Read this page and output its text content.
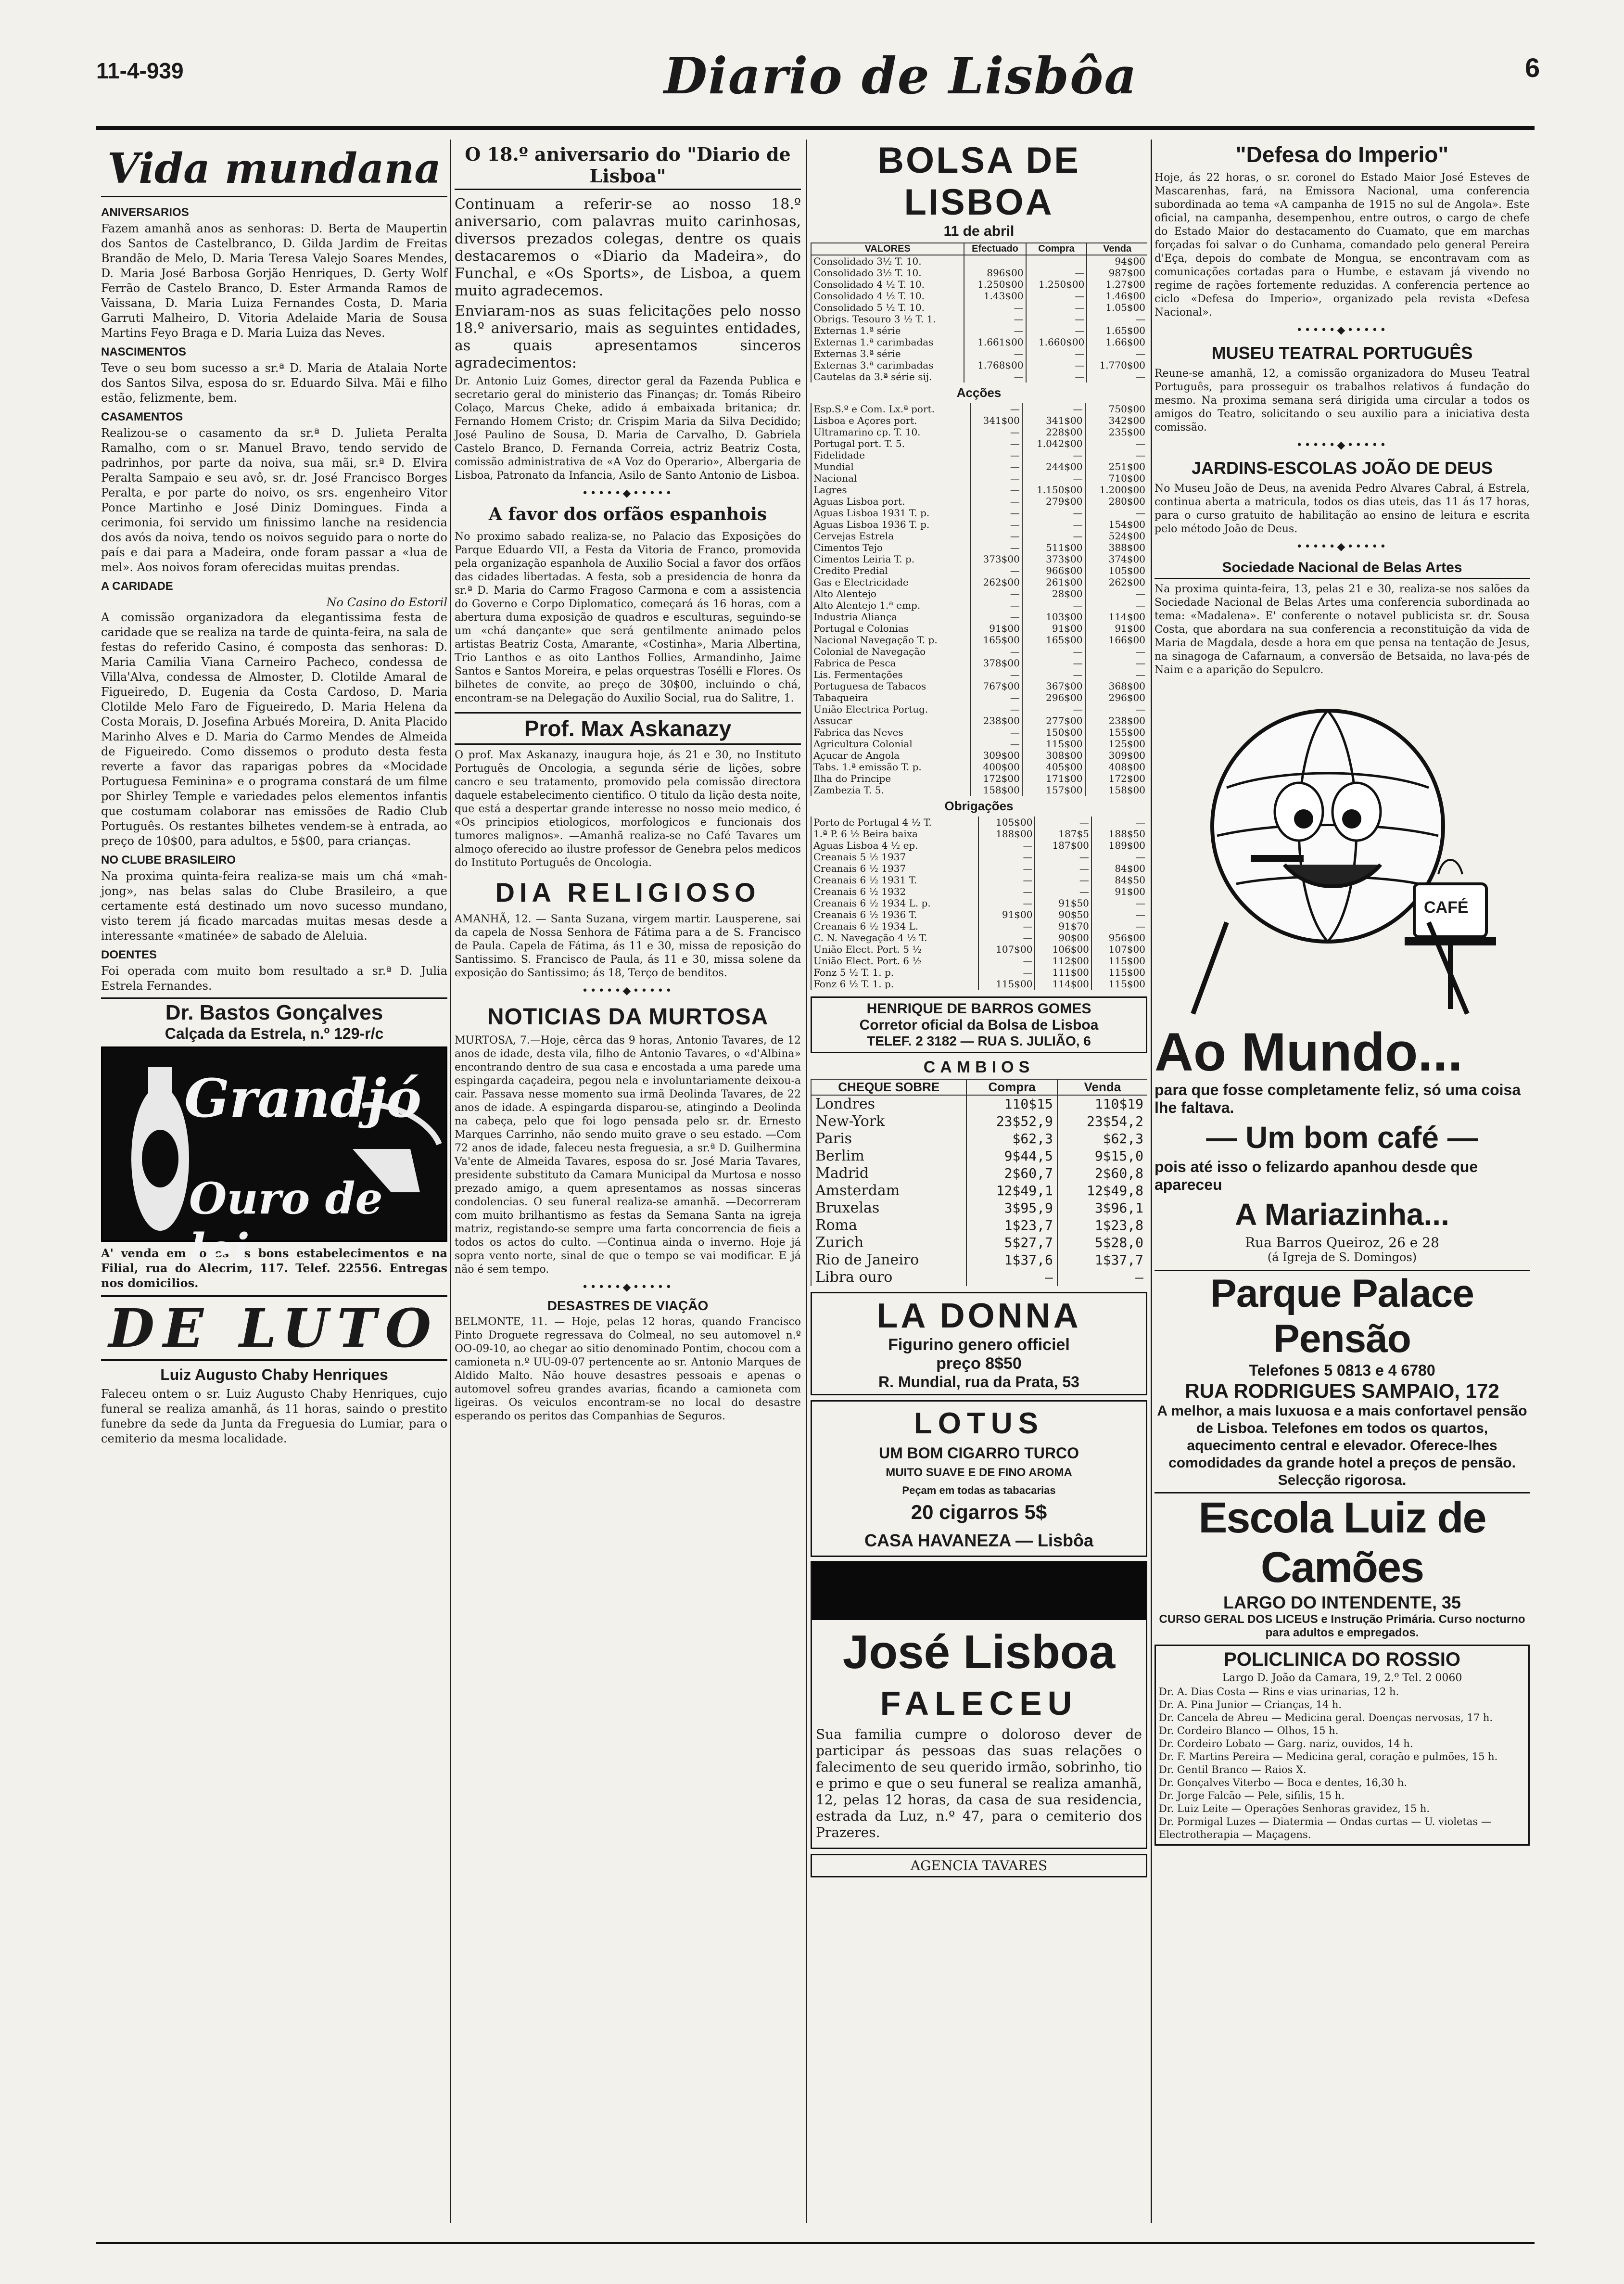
11-4-939	Diario de Lisbôa	6
Vida mundana
ANIVERSARIOS

Fazem amanhã anos as senhoras: D. Berta de Maupertin dos Santos de Castelbranco, D. Gilda Jardim de Freitas Brandão de Melo, D. Maria Teresa Valejo Soares Mendes, D. Maria José Barbosa Gorjão Henriques, D. Gerty Wolf Ferrão de Castelo Branco, D. Ester Armanda Ramos de Vaissana, D. Maria Luiza Fernandes Costa, D. Maria Garruti Malheiro, D. Vitoria Adelaide Maria de Sousa Martins Feyo Braga e D. Maria Luiza das Neves.

NASCIMENTOS

Teve o seu bom sucesso a sr.ª D. Maria de Atalaia Norte dos Santos Silva, esposa do sr. Eduardo Silva. Mãi e filho estão, felizmente, bem.

CASAMENTOS

Realizou-se o casamento da sr.ª D. Julieta Peralta Ramalho, com o sr. Manuel Bravo, tendo servido de padrinhos, por parte da noiva, sua mãi, sr.ª D. Elvira Peralta Sampaio e seu avô, sr. dr. José Francisco Borges Peralta, e por parte do noivo, os srs. engenheiro Vitor Ponce Martinho e José Diniz Domingues. Finda a cerimonia, foi servido um finissimo lanche na residencia dos avós da noiva, tendo os noivos seguido para o norte do país e dai para a Madeira, onde foram passar a «lua de mel». Aos noivos foram oferecidas muitas prendas.

A CARIDADE
No Casino do Estoril

A comissão organizadora da elegantissima festa de caridade que se realiza na tarde de quinta-feira, na sala de festas do referido Casino, é composta das senhoras: D. Maria Camilia Viana Carneiro Pacheco, condessa de Villa'Alva, condessa de Almoster, D. Clotilde Amaral de Figueiredo, D. Eugenia da Costa Cardoso, D. Maria Clotilde Melo Faro de Figueiredo, D. Maria Helena da Costa Morais, D. Josefina Arbués Moreira, D. Anita Placido Marinho Alves e D. Maria do Carmo Mendes de Almeida de Figueiredo. Como dissemos o produto desta festa reverte a favor das raparigas pobres da «Mocidade Portuguesa Feminina» e o programa constará de um filme por Shirley Temple e variedades pelos elementos infantis que costumam colaborar nas emissões de Radio Club Português. Os restantes bilhetes vendem-se à entrada, ao preço de 10$00, para adultos, e 5$00, para crianças.

NO CLUBE BRASILEIRO

Na proxima quinta-feira realiza-se mais um chá «mah-jong», nas belas salas do Clube Brasileiro, a que certamente está destinado um novo sucesso mundano, visto terem já ficado marcadas muitas mesas desde a interessante «matinée» de sabado de Aleluia.

DOENTES

Foi operada com muito bom resultado a sr.ª D. Julia Estrela Fernandes.

Dr. Bastos Gonçalves
Calçada da Estrela, n.º 129-r/c
Grandjó
Ouro de lei

A' venda em todos os bons estabelecimentos e na Filial, rua do Alecrim, 117. Telef. 22556. Entregas nos domicilios.

DE LUTO
Luiz Augusto Chaby Henriques

Faleceu ontem o sr. Luiz Augusto Chaby Henriques, cujo funeral se realiza amanhã, ás 11 horas, saindo o prestito funebre da sede da Junta da Freguesia do Lumiar, para o cemiterio da mesma localidade.

O 18.º aniversario do "Diario de Lisboa"

Continuam a referir-se ao nosso 18.º aniversario, com palavras muito carinhosas, diversos prezados colegas, dentre os quais destacaremos o «Diario da Madeira», do Funchal, e «Os Sports», de Lisboa, a quem muito agradecemos.

Enviaram-nos as suas felicitações pelo nosso 18.º aniversario, mais as seguintes entidades, as quais apresentamos sinceros agradecimentos:

Dr. Antonio Luiz Gomes, director geral da Fazenda Publica e secretario geral do ministerio das Finanças; dr. Tomás Ribeiro Colaço, Marcus Cheke, adido á embaixada britanica; dr. Fernando Homem Cristo; dr. Crispim Maria da Silva Decidido; José Paulino de Sousa, D. Maria de Carvalho, D. Gabriela Castelo Branco, D. Fernanda Correia, actriz Beatriz Costa, comissão administrativa de «A Voz do Operario», Albergaria de Lisboa, Patronato da Infancia, Asilo de Santo Antonio de Lisboa.

•••••◆•••••
A favor dos orfãos espanhois

No proximo sabado realiza-se, no Palacio das Exposições do Parque Eduardo VII, a Festa da Vitoria de Franco, promovida pela organização espanhola de Auxilio Social a favor dos orfãos das cidades libertadas. A festa, sob a presidencia de honra da sr.ª D. Maria do Carmo Fragoso Carmona e com a assistencia do Governo e Corpo Diplomatico, começará ás 16 horas, com a abertura duma exposição de quadros e esculturas, seguindo-se um «chá dançante» que será gentilmente animado pelos artistas Beatriz Costa, Amarante, «Costinha», Maria Albertina, Trio Lanthos e as oito Lanthos Follies, Armandinho, Jaime Santos e Santos Moreira, e pelas orquestras Tosélli e Flores. Os bilhetes de convite, ao preço de 30$00, incluindo o chá, encontram-se na Delegação do Auxilio Social, rua do Salitre, 1.

Prof. Max Askanazy

O prof. Max Askanazy, inaugura hoje, ás 21 e 30, no Instituto Português de Oncologia, a segunda série de lições, sobre cancro e seu tratamento, promovido pela comissão directora daquele estabelecimento cientifico. O titulo da lição desta noite, que está a despertar grande interesse no nosso meio medico, é «Os principios etiologicos, morfologicos e funcionais dos tumores malignos». —Amanhã realiza-se no Café Tavares um almoço oferecido ao ilustre professor de Genebra pelos medicos do Instituto Português de Oncologia.

DIA RELIGIOSO

AMANHÃ, 12. — Santa Suzana, virgem martir. Lausperene, sai da capela de Nossa Senhora de Fátima para a de S. Francisco de Paula. Capela de Fátima, ás 11 e 30, missa de reposição do Santissimo. S. Francisco de Paula, ás 11 e 30, missa solene da exposição do Santissimo; ás 18, Terço de benditos.

•••••◆•••••
NOTICIAS DA MURTOSA

MURTOSA, 7.—Hoje, cêrca das 9 horas, Antonio Tavares, de 12 anos de idade, desta vila, filho de Antonio Tavares, o «d'Albina» encontrando dentro de sua casa e encostada a uma parede uma espingarda caçadeira, pegou nela e involuntariamente deixou-a cair. Passava nesse momento sua irmã Deolinda Tavares, de 22 anos de idade. A espingarda disparou-se, atingindo a Deolinda na cabeça, pelo que foi logo pensada pelo sr. dr. Ernesto Marques Carrinho, não sendo muito grave o seu estado. —Com 72 anos de idade, faleceu nesta freguesia, a sr.ª D. Guilhermina Va'ente de Almeida Tavares, esposa do sr. José Maria Tavares, presidente substituto da Camara Municipal da Murtosa e nosso prezado amigo, a quem apresentamos as nossas sinceras condolencias. O seu funeral realiza-se amanhã. —Decorreram com muito brilhantismo as festas da Semana Santa na igreja matriz, registando-se sempre uma farta concorrencia de fieis a todos os actos do culto. —Continua ainda o inverno. Hoje já sopra vento norte, sinal de que o tempo se vai modificar. E já não é sem tempo.

•••••◆•••••
DESASTRES DE VIAÇÃO

BELMONTE, 11. — Hoje, pelas 12 horas, quando Francisco Pinto Droguete regressava do Colmeal, no seu automovel n.º OO-09-10, ao chegar ao sitio denominado Pontim, chocou com a camioneta n.º UU-09-07 pertencente ao sr. Antonio Marques de Aldido Malto. Não houve desastres pessoais e apenas o automovel sofreu grandes avarias, ficando a camioneta com ligeiras. Os veiculos encontram-se no local do desastre esperando os peritos das Companhias de Seguros.

BOLSA DE LISBOA
11 de abril
VALORES	Efectuado	Compra	Venda
Consolidado 3½ T. 10.			94$00
Consolidado 3½ T. 10.	896$00	—	987$00
Consolidado 4 ½ T. 10.	1.250$00	1.250$00	1.27$00
Consolidado 4 ½ T. 10.	1.43$00	—	1.46$00
Consolidado 5 ½ T. 10.	—	—	1.05$00
Obrigs. Tesouro 3 ½ T. 1.	—	—	—
Externas 1.ª série	—	—	1.65$00
Externas 1.ª carimbadas	1.661$00	1.660$00	1.66$00
Externas 3.ª série	—	—	—
Externas 3.ª carimbadas	1.768$00	—	1.770$00
Cautelas da 3.ª série sij.	—	—	—
Acções
Esp.S.º e Com. Lx.ª port.	—	—	750$00
Lisboa e Açores port.	341$00	341$00	342$00
Ultramarino cp. T. 10.	—	228$00	235$00
Portugal port. T. 5.	—	1.042$00	—
Fidelidade	—	—	—
Mundial	—	244$00	251$00
Nacional	—	—	710$00
Lagres	—	1.150$00	1.200$00
Aguas Lisboa port.	—	279$00	280$00
Aguas Lisboa 1931 T. p.	—	—	—
Aguas Lisboa 1936 T. p.	—	—	154$00
Cervejas Estrela	—	—	524$00
Cimentos Tejo	—	511$00	388$00
Cimentos Leiria T. p.	373$00	373$00	374$00
Credito Predial	—	966$00	105$00
Gas e Electricidade	262$00	261$00	262$00
Alto Alentejo	—	28$00	—
Alto Alentejo 1.ª emp.	—	—	—
Industria Aliança	—	103$00	114$00
Portugal e Colonias	91$00	91$00	91$00
Nacional Navegação T. p.	165$00	165$00	166$00
Colonial de Navegação	—	—	—
Fabrica de Pesca	378$00	—	—
Lis. Fermentações	—	—	—
Portuguesa de Tabacos	767$00	367$00	368$00
Tabaqueira	—	296$00	296$00
União Electrica Portug.	—	—	—
Assucar	238$00	277$00	238$00
Fabrica das Neves	—	150$00	155$00
Agricultura Colonial	—	115$00	125$00
Açucar de Angola	309$00	308$00	309$00
Tabs. 1.ª emissão T. p.	400$00	405$00	408$00
Ilha do Principe	172$00	171$00	172$00
Zambezia T. 5.	158$00	157$00	158$00
Obrigações
Porto de Portugal 4 ½ T.	105$00	—	—
1.ª P. 6 ½ Beira baixa	188$00	187$5	188$50
Aguas Lisboa 4 ½ ep.	—	187$00	189$00
Creanais 5 ½ 1937	—	—	—
Creanais 6 ½ 1937	—	—	84$00
Creanais 6 ½ 1931 T.	—	—	84$50
Creanais 6 ½ 1932	—	—	91$00
Creanais 6 ½ 1934 L. p.	—	91$50	—
Creanais 6 ½ 1936 T.	91$00	90$50	—
Creanais 6 ½ 1934 L.	—	91$70	—
C. N. Navegação 4 ½ T.	—	90$00	956$00
União Elect. Port. 5 ½	107$00	106$00	107$00
União Elect. Port. 6 ½	—	112$00	115$00
Fonz 5 ½ T. 1. p.	—	111$00	115$00
Fonz 6 ½ T. 1. p.	115$00	114$00	115$00
HENRIQUE DE BARROS GOMES
Corretor oficial da Bolsa de Lisboa
TELEF. 2 3182 — RUA S. JULIÃO, 6
CAMBIOS
CHEQUE SOBRE	Compra	Venda
Londres	110$15	110$19
New-York	23$52,9	23$54,2
Paris	$62,3	$62,3
Berlim	9$44,5	9$15,0
Madrid	2$60,7	2$60,8
Amsterdam	12$49,1	12$49,8
Bruxelas	3$95,9	3$96,1
Roma	1$23,7	1$23,8
Zurich	5$27,7	5$28,0
Rio de Janeiro	1$37,6	1$37,7
Libra ouro	—	—
LA DONNA
Figurino genero officiel
preço 8$50
R. Mundial, rua da Prata, 53
LOTUS
UM BOM CIGARRO TURCO
MUITO SUAVE E DE FINO AROMA
Peçam em todas as tabacarias
20 cigarros 5$
CASA HAVANEZA — Lisbôa
José Lisboa
FALECEU

Sua familia cumpre o doloroso dever de participar ás pessoas das suas relações o falecimento de seu querido irmão, sobrinho, tio e primo e que o seu funeral se realiza amanhã, 12, pelas 12 horas, da casa de sua residencia, estrada da Luz, n.º 47, para o cemiterio dos Prazeres.

AGENCIA TAVARES
"Defesa do Imperio"

Hoje, ás 22 horas, o sr. coronel do Estado Maior José Esteves de Mascarenhas, fará, na Emissora Nacional, uma conferencia subordinada ao tema «A campanha de 1915 no sul de Angola». Este oficial, na campanha, desempenhou, entre outros, o cargo de chefe do Estado Maior do destacamento do Cuamato, que em marchas forçadas foi salvar o do Cunhama, comandado pelo general Pereira d'Eça, depois do combate de Mongua, se encontravam com as comunicações cortadas para o Humbe, e estavam já vivendo no regime de rações fortemente reduzidas. A conferencia pertence ao ciclo «Defesa do Imperio», organizado pela revista «Defesa Nacional».

•••••◆•••••
MUSEU TEATRAL PORTUGUÊS

Reune-se amanhã, 12, a comissão organizadora do Museu Teatral Português, para prosseguir os trabalhos relativos á fundação do mesmo. Na proxima semana será dirigida uma circular a todos os amigos do Teatro, solicitando o seu auxilio para a iniciativa desta comissão.

•••••◆•••••
JARDINS-ESCOLAS JOÃO DE DEUS

No Museu João de Deus, na avenida Pedro Alvares Cabral, á Estrela, continua aberta a matricula, todos os dias uteis, das 11 ás 17 horas, para o curso gratuito de habilitação ao ensino de leitura e escrita pelo método João de Deus.

•••••◆•••••
Sociedade Nacional de Belas Artes

Na proxima quinta-feira, 13, pelas 21 e 30, realiza-se nos salões da Sociedade Nacional de Belas Artes uma conferencia subordinada ao tema: «Madalena». E' conferente o notavel publicista sr. dr. Sousa Costa, que abordara na sua conferencia a reconstituição da vida de Maria de Magdala, desde a hora em que pensa na tentação de Jesus, na sinagoga de Cafarnaum, a conversão de Betsaida, no lava-pés de Naim e a aparição do Sepulcro.

CAFÉ
Ao Mundo...
para que fosse completamente feliz, só uma coisa lhe faltava.
— Um bom café —
pois até isso o felizardo apanhou desde que apareceu
A Mariazinha...
Rua Barros Queiroz, 26 e 28
(á Igreja de S. Domingos)
Parque Palace Pensão
Telefones 5 0813 e 4 6780
RUA RODRIGUES SAMPAIO, 172

A melhor, a mais luxuosa e a mais confortavel pensão de Lisboa. Telefones em todos os quartos, aquecimento central e elevador. Oferece-lhes comodidades da grande hotel a preços de pensão. Selecção rigorosa.

Escola Luiz de Camões
LARGO DO INTENDENTE, 35

CURSO GERAL DOS LICEUS e Instrução Primária. Curso nocturno para adultos e empregados.

POLICLINICA DO ROSSIO
Largo D. João da Camara, 19, 2.º Tel. 2 0060
Dr. A. Dias Costa — Rins e vias urinarias, 12 h.
Dr. A. Pina Junior — Crianças, 14 h.
Dr. Cancela de Abreu — Medicina geral. Doenças nervosas, 17 h.
Dr. Cordeiro Blanco — Olhos, 15 h.
Dr. Cordeiro Lobato — Garg. nariz, ouvidos, 14 h.
Dr. F. Martins Pereira — Medicina geral, coração e pulmões, 15 h.
Dr. Gentil Branco — Raios X.
Dr. Gonçalves Viterbo — Boca e dentes, 16,30 h.
Dr. Jorge Falcão — Pele, sifilis, 15 h.
Dr. Luiz Leite — Operações Senhoras gravidez, 15 h.
Dr. Pormigal Luzes — Diatermia — Ondas curtas — U. violetas — Electrotherapia — Maçagens.
